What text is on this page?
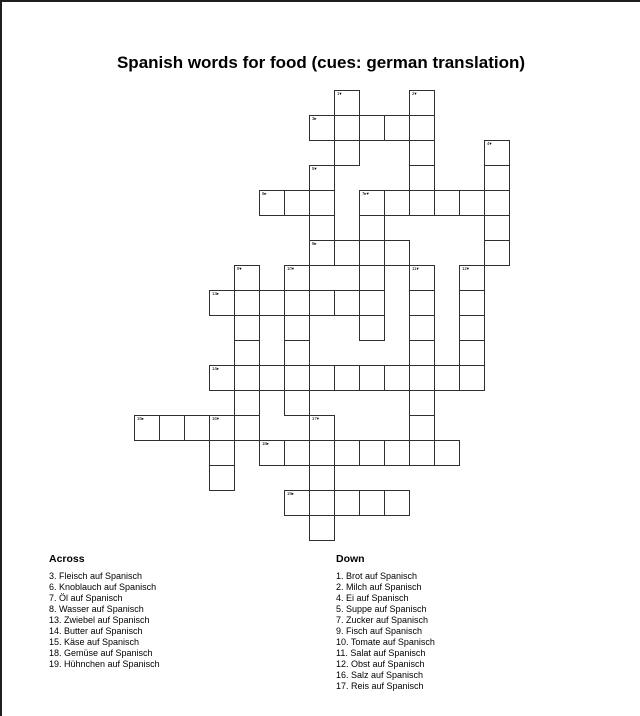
Spanish words for food (cues: german translation)
1▾	2▾
3▸
4▾
5▾
6▸	7▸▾
8▸
9▾	10▾	11▾	12▾
13▸
14▸
15▸	16▾	17▾
18▸
19▸
Across
3. Fleisch auf Spanisch
6. Knoblauch auf Spanisch
7. Öl auf Spanisch
8. Wasser auf Spanisch
13. Zwiebel auf Spanisch
14. Butter auf Spanisch
15. Käse auf Spanisch
18. Gemüse auf Spanisch
19. Hühnchen auf Spanisch
Down
1. Brot auf Spanisch
2. Milch auf Spanisch
4. Ei auf Spanisch
5. Suppe auf Spanisch
7. Zucker auf Spanisch
9. Fisch auf Spanisch
10. Tomate auf Spanisch
11. Salat auf Spanisch
12. Obst auf Spanisch
16. Salz auf Spanisch
17. Reis auf Spanisch
